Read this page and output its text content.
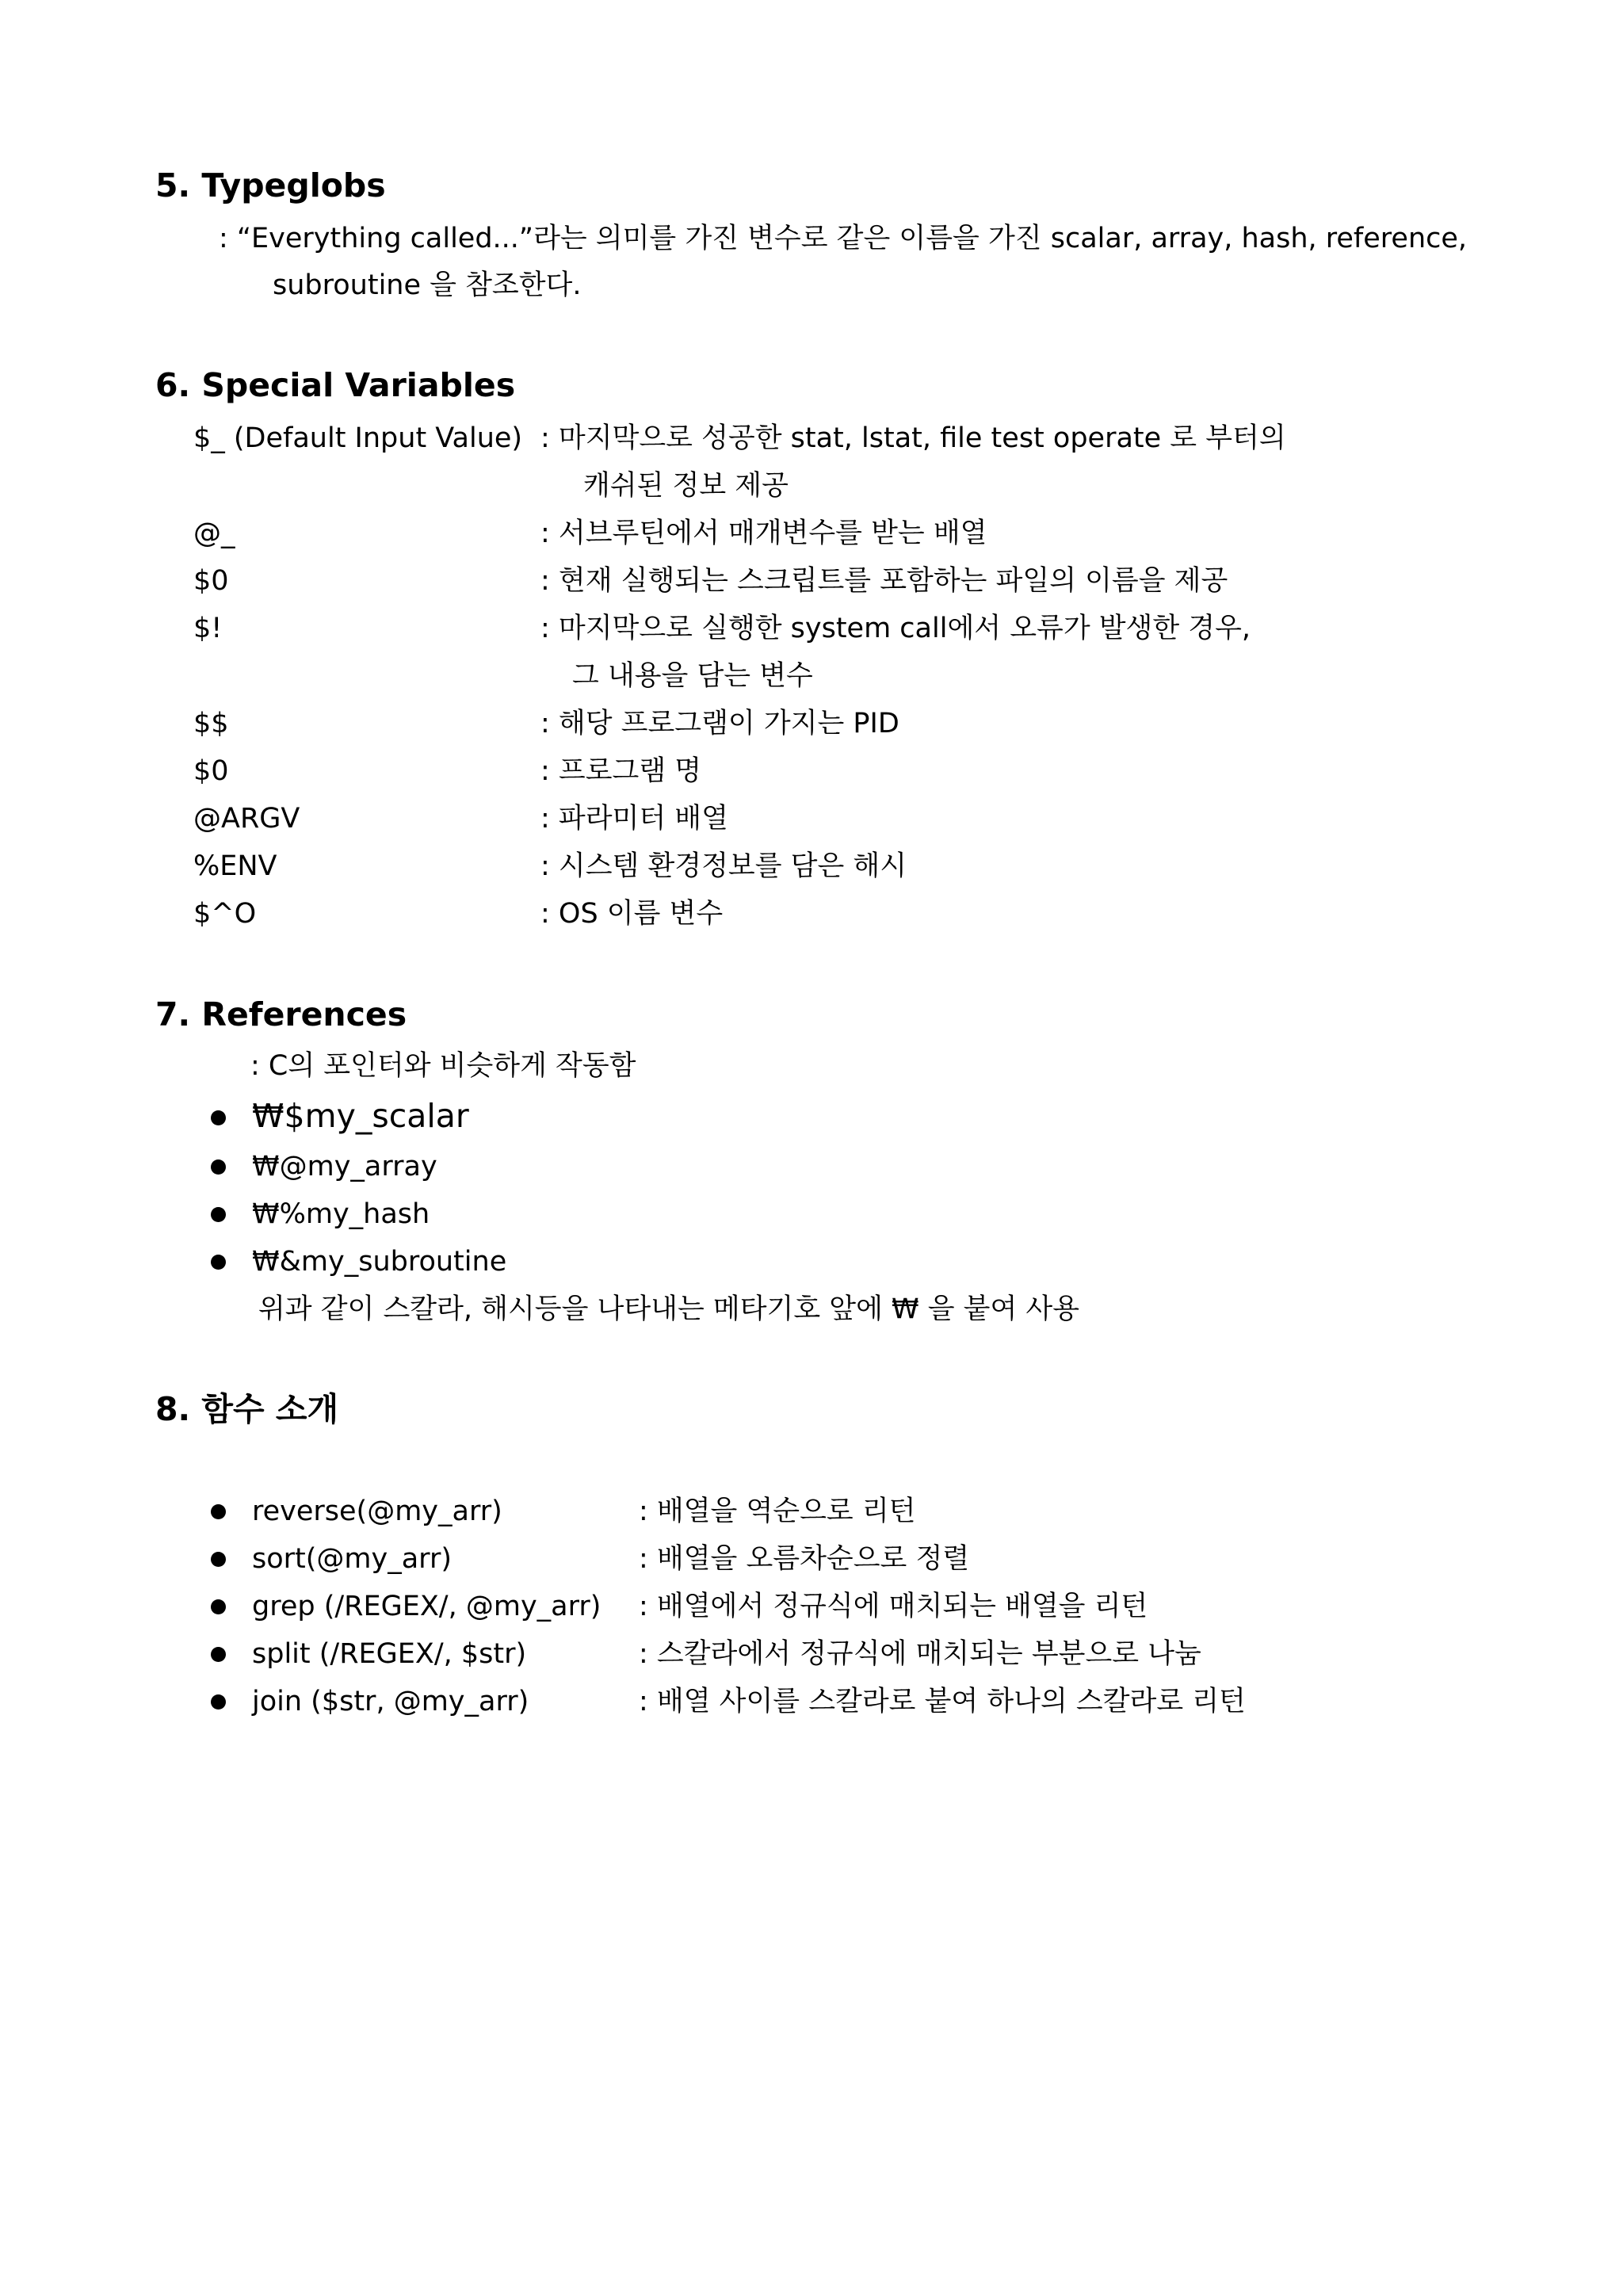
5. Typeglobs
: “Everything called...”라는 의미를 가진 변수로 같은 이름을 가진 scalar, array, hash, reference,
subroutine 을 참조한다.
6. Special Variables
$_ (Default Input Value) : 마지막으로 성공한 stat, lstat, file test operate 로 부터의
캐쉬된 정보 제공
@_	: 서브루틴에서 매개변수를 받는 배열
$0	: 현재 실행되는 스크립트를 포함하는 파일의 이름을 제공
$!	: 마지막으로 실행한 system call에서 오류가 발생한 경우,
그 내용을 담는 변수
$$	: 해당 프로그램이 가지는 PID
$0	: 프로그램 명
@ARGV	: 파라미터 배열
%ENV	: 시스템 환경정보를 담은 해시
$^O	: OS 이름 변수
7. References
: C의 포인터와 비슷하게 작동함
₩$my_scalar
₩@my_array
₩%my_hash
₩&my_subroutine
위과 같이 스칼라, 해시등을 나타내는 메타기호 앞에 ₩ 을 붙여 사용
8. 함수 소개
reverse(@my_arr)	: 배열을 역순으로 리턴
sort(@my_arr)	: 배열을 오름차순으로 정렬
grep (/REGEX/, @my_arr) : 배열에서 정규식에 매치되는 배열을 리턴
split (/REGEX/, $str)	: 스칼라에서 정규식에 매치되는 부분으로 나눔
join ($str, @my_arr)	: 배열 사이를 스칼라로 붙여 하나의 스칼라로 리턴
